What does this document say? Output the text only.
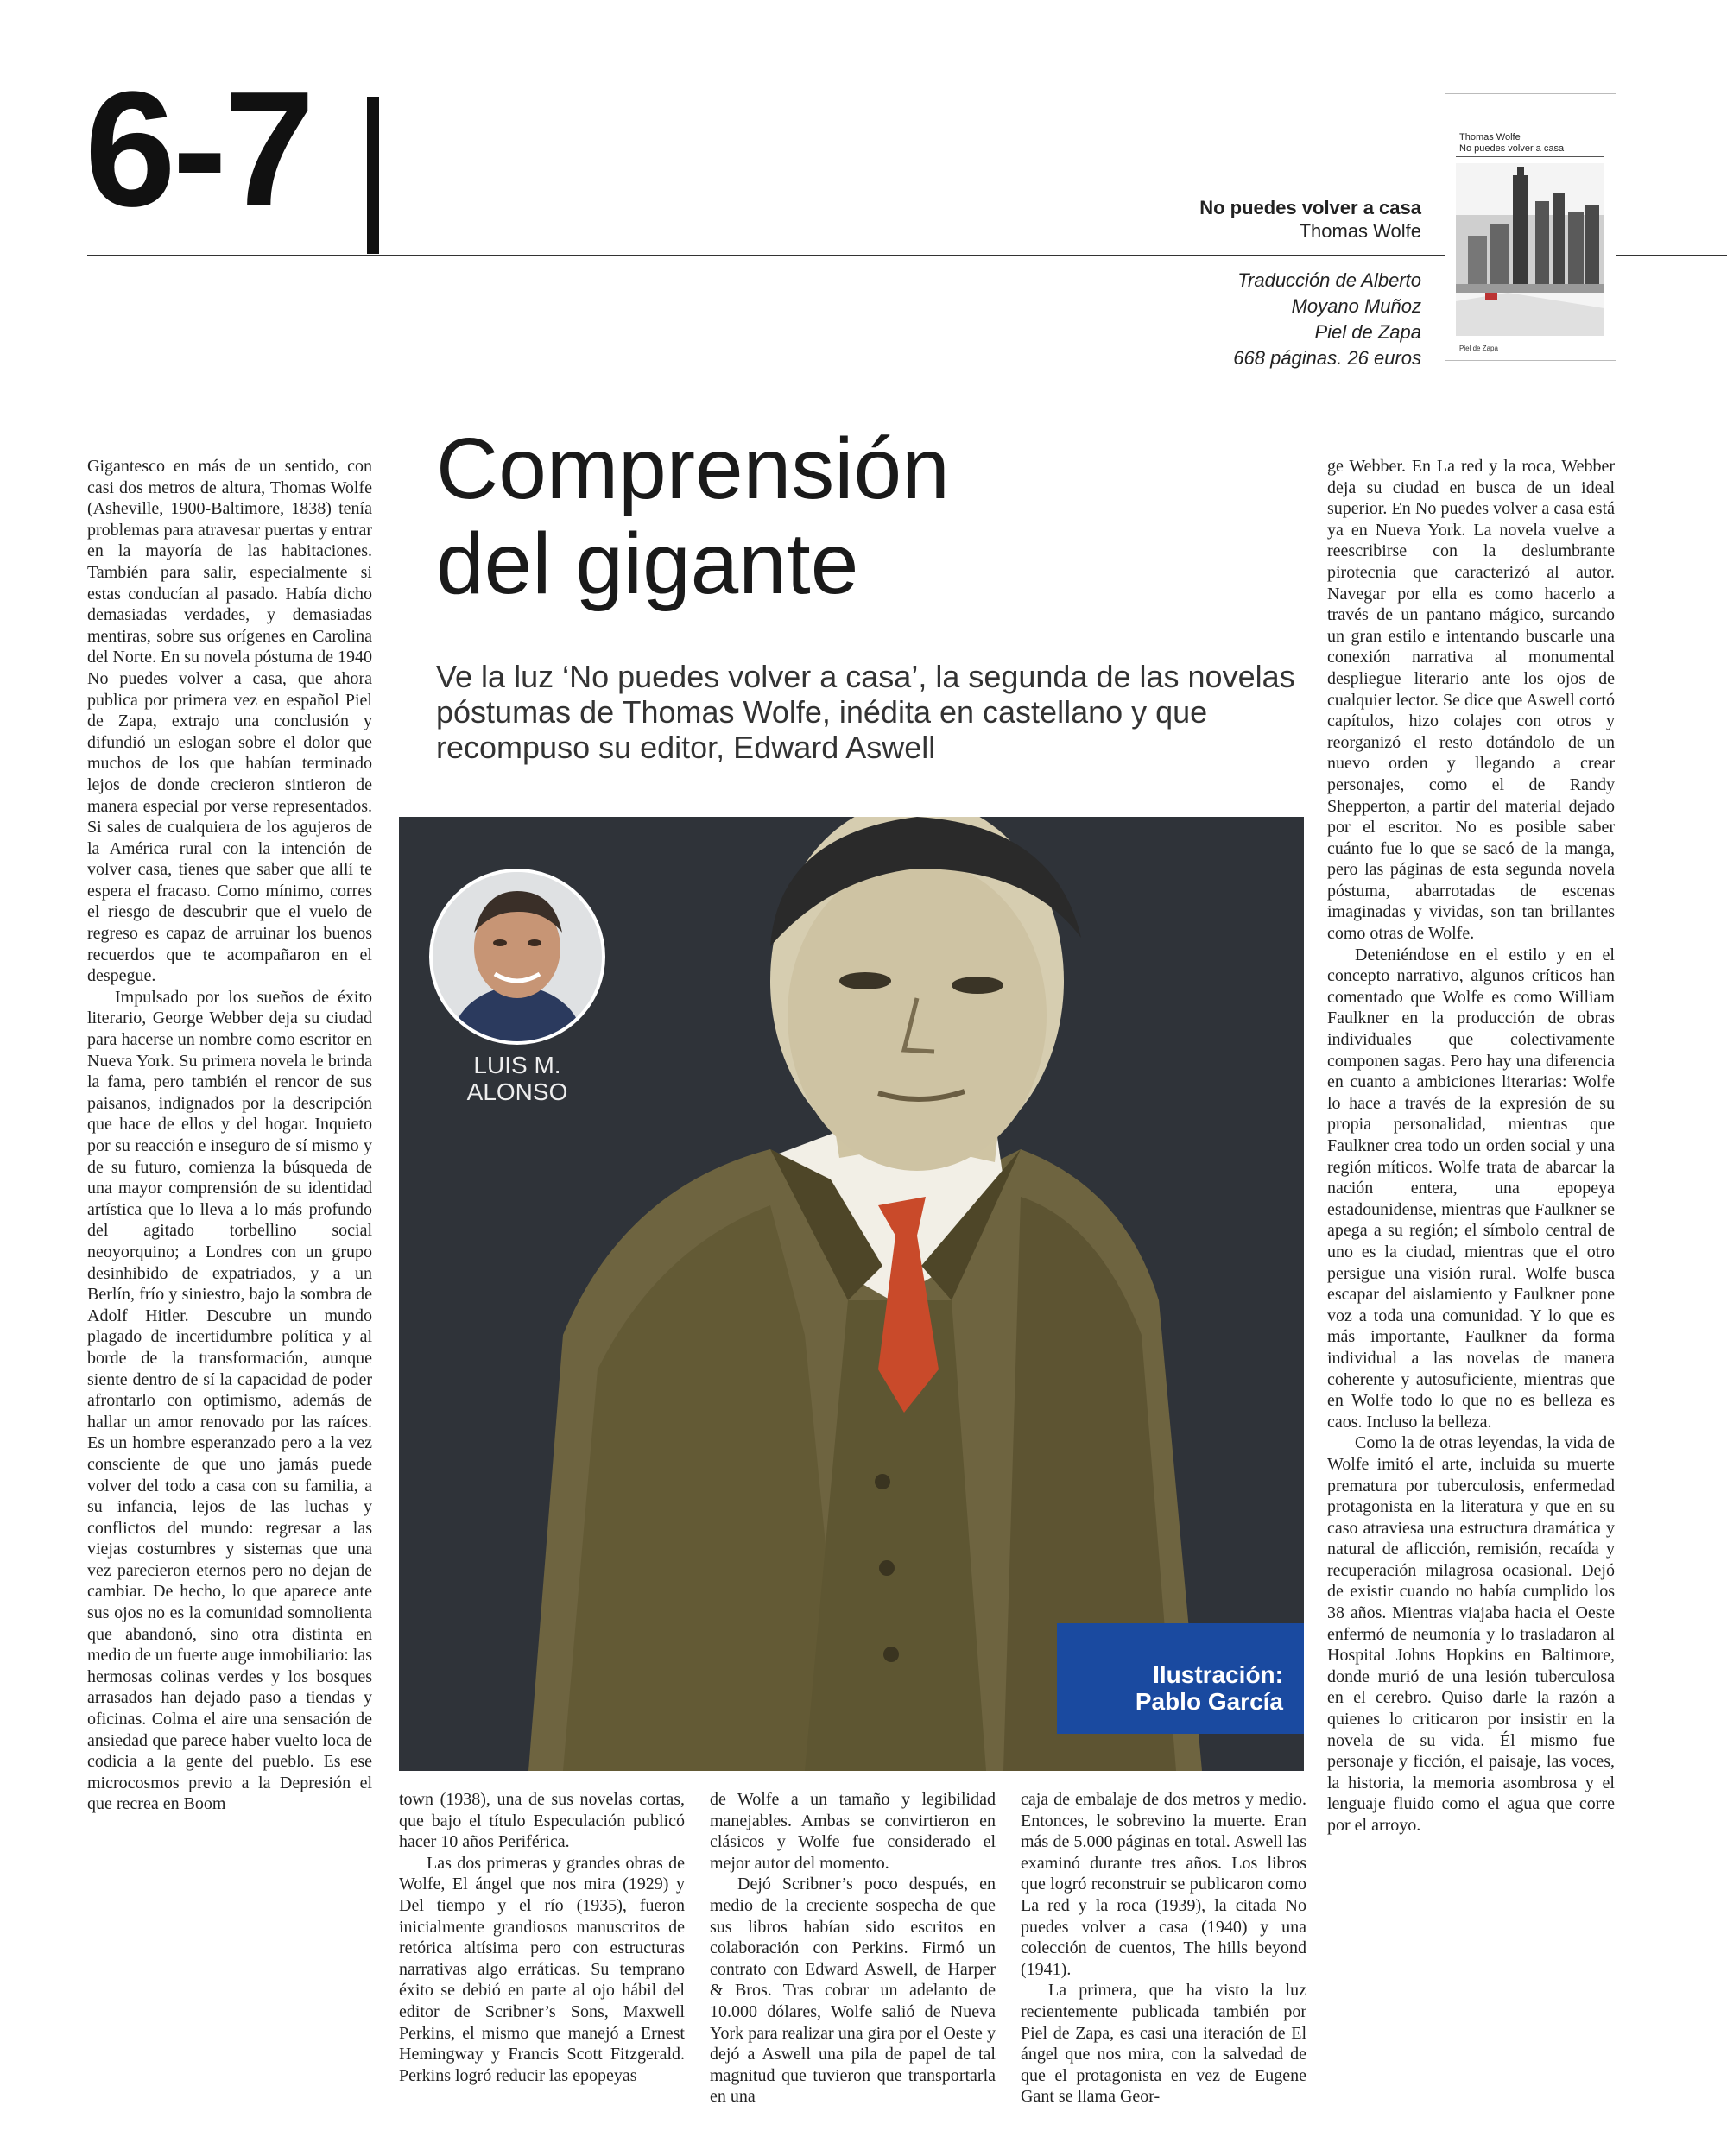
6-7	No puedes volver a casa
Thomas Wolfe
Traducción de Alberto
Moyano Muñoz
Piel de Zapa
668 páginas. 26 euros
Thomas Wolfe
No puedes volver a casa
Piel de Zapa
Comprensión
del gigante
Ve la luz ‘No puedes volver a casa’, la segunda de las novelas póstumas de Thomas Wolfe, inédita en castellano y que recompuso su editor, Edward Aswell
LUIS M. ALONSO
Ilustración:
Pablo García

Gigantesco en más de un sentido, con casi dos metros de altura, Thomas Wolfe (Asheville, 1900-Baltimore, 1838) tenía problemas para atravesar puertas y entrar en la mayoría de las habitaciones. También para salir, especialmente si estas conducían al pasado. Había dicho demasiadas verdades, y demasiadas mentiras, sobre sus orígenes en Carolina del Norte. En su novela póstuma de 1940 No puedes volver a casa, que ahora publica por primera vez en español Piel de Zapa, extrajo una conclusión y difundió un eslogan sobre el dolor que muchos de los que habían terminado lejos de donde crecieron sintieron de manera especial por verse representados. Si sales de cualquiera de los agujeros de la América rural con la intención de volver casa, tienes que saber que allí te espera el fracaso. Como mínimo, corres el riesgo de descubrir que el vuelo de regreso es capaz de arruinar los buenos recuerdos que te acompañaron en el despegue.

Impulsado por los sueños de éxito literario, George Webber deja su ciudad para hacerse un nombre como escritor en Nueva York. Su primera novela le brinda la fama, pero también el rencor de sus paisanos, indignados por la descripción que hace de ellos y del hogar. Inquieto por su reacción e inseguro de sí mismo y de su futuro, comienza la búsqueda de una mayor comprensión de su identidad artística que lo lleva a lo más profundo del agitado torbellino social neoyorquino; a Londres con un grupo desinhibido de expatriados, y a un Berlín, frío y siniestro, bajo la sombra de Adolf Hitler. Descubre un mundo plagado de incertidumbre política y al borde de la transformación, aunque siente dentro de sí la capacidad de poder afrontarlo con optimismo, además de hallar un amor renovado por las raíces. Es un hombre esperanzado pero a la vez consciente de que uno jamás puede volver del todo a casa con su familia, a su infancia, lejos de las luchas y conflictos del mundo: regresar a las viejas costumbres y sistemas que una vez parecieron eternos pero no dejan de cambiar. De hecho, lo que aparece ante sus ojos no es la comunidad somnolienta que abandonó, sino otra distinta en medio de un fuerte auge inmobiliario: las hermosas colinas verdes y los bosques arrasados han dejado paso a tiendas y oficinas. Colma el aire una sensación de ansiedad que parece haber vuelto loca de codicia a la gente del pueblo. Es ese microcosmos previo a la Depresión el que recrea en Boom	town (1938), una de sus novelas cortas, que bajo el título Especulación publicó hacer 10 años Periférica.

Las dos primeras y grandes obras de Wolfe, El ángel que nos mira (1929) y Del tiempo y el río (1935), fueron inicialmente grandiosos manuscritos de retórica altísima pero con estructuras narrativas algo erráticas. Su temprano éxito se debió en parte al ojo hábil del editor de Scribner’s Sons, Maxwell Perkins, el mismo que manejó a Ernest Hemingway y Francis Scott Fitzgerald. Perkins logró reducir las epopeyas

de Wolfe a un tamaño y legibilidad manejables. Ambas se convirtieron en clásicos y Wolfe fue considerado el mejor autor del momento.

Dejó Scribner’s poco después, en medio de la creciente sospecha de que sus libros habían sido escritos en colaboración con Perkins. Firmó un contrato con Edward Aswell, de Harper & Bros. Tras cobrar un adelanto de 10.000 dólares, Wolfe salió de Nueva York para realizar una gira por el Oeste y dejó a Aswell una pila de papel de tal magnitud que tuvieron que transportarla en una

caja de embalaje de dos metros y medio. Entonces, le sobrevino la muerte. Eran más de 5.000 páginas en total. Aswell las examinó durante tres años. Los libros que logró reconstruir se publicaron como La red y la roca (1939), la citada No puedes volver a casa (1940) y una colección de cuentos, The hills beyond (1941).

La primera, que ha visto la luz recientemente publicada también por Piel de Zapa, es casi una iteración de El ángel que nos mira, con la salvedad de que el protagonista en vez de Eugene Gant se llama Geor-

ge Webber. En La red y la roca, Webber deja su ciudad en busca de un ideal superior. En No puedes volver a casa está ya en Nueva York. La novela vuelve a reescribirse con la deslumbrante pirotecnia que caracterizó al autor. Navegar por ella es como hacerlo a través de un pantano mágico, surcando un gran estilo e intentando buscarle una conexión narrativa al monumental despliegue literario ante los ojos de cualquier lector. Se dice que Aswell cortó capítulos, hizo colajes con otros y reorganizó el resto dotándolo de un nuevo orden y llegando a crear personajes, como el de Randy Shepperton, a partir del material dejado por el escritor. No es posible saber cuánto fue lo que se sacó de la manga, pero las páginas de esta segunda novela póstuma, abarrotadas de escenas imaginadas y vividas, son tan brillantes como otras de Wolfe.

Deteniéndose en el estilo y en el concepto narrativo, algunos críticos han comentado que Wolfe es como William Faulkner en la producción de obras individuales que colectivamente componen sagas. Pero hay una diferencia en cuanto a ambiciones literarias: Wolfe lo hace a través de la expresión de su propia personalidad, mientras que Faulkner crea todo un orden social y una región míticos. Wolfe trata de abarcar la nación entera, una epopeya estadounidense, mientras que Faulkner se apega a su región; el símbolo central de uno es la ciudad, mientras que el otro persigue una visión rural. Wolfe busca escapar del aislamiento y Faulkner pone voz a toda una comunidad. Y lo que es más importante, Faulkner da forma individual a las novelas de manera coherente y autosuficiente, mientras que en Wolfe todo lo que no es belleza es caos. Incluso la belleza.

Como la de otras leyendas, la vida de Wolfe imitó el arte, incluida su muerte prematura por tuberculosis, enfermedad protagonista en la literatura y que en su caso atraviesa una estructura dramática y natural de aflicción, remisión, recaída y recuperación milagrosa ocasional. Dejó de existir cuando no había cumplido los 38 años. Mientras viajaba hacia el Oeste enfermó de neumonía y lo trasladaron al Hospital Johns Hopkins en Baltimore, donde murió de una lesión tuberculosa en el cerebro. Quiso darle la razón a quienes lo criticaron por insistir en la novela de su vida. Él mismo fue personaje y ficción, el paisaje, las voces, la historia, la memoria asombrosa y el lenguaje fluido como el agua que corre por el arroyo.
